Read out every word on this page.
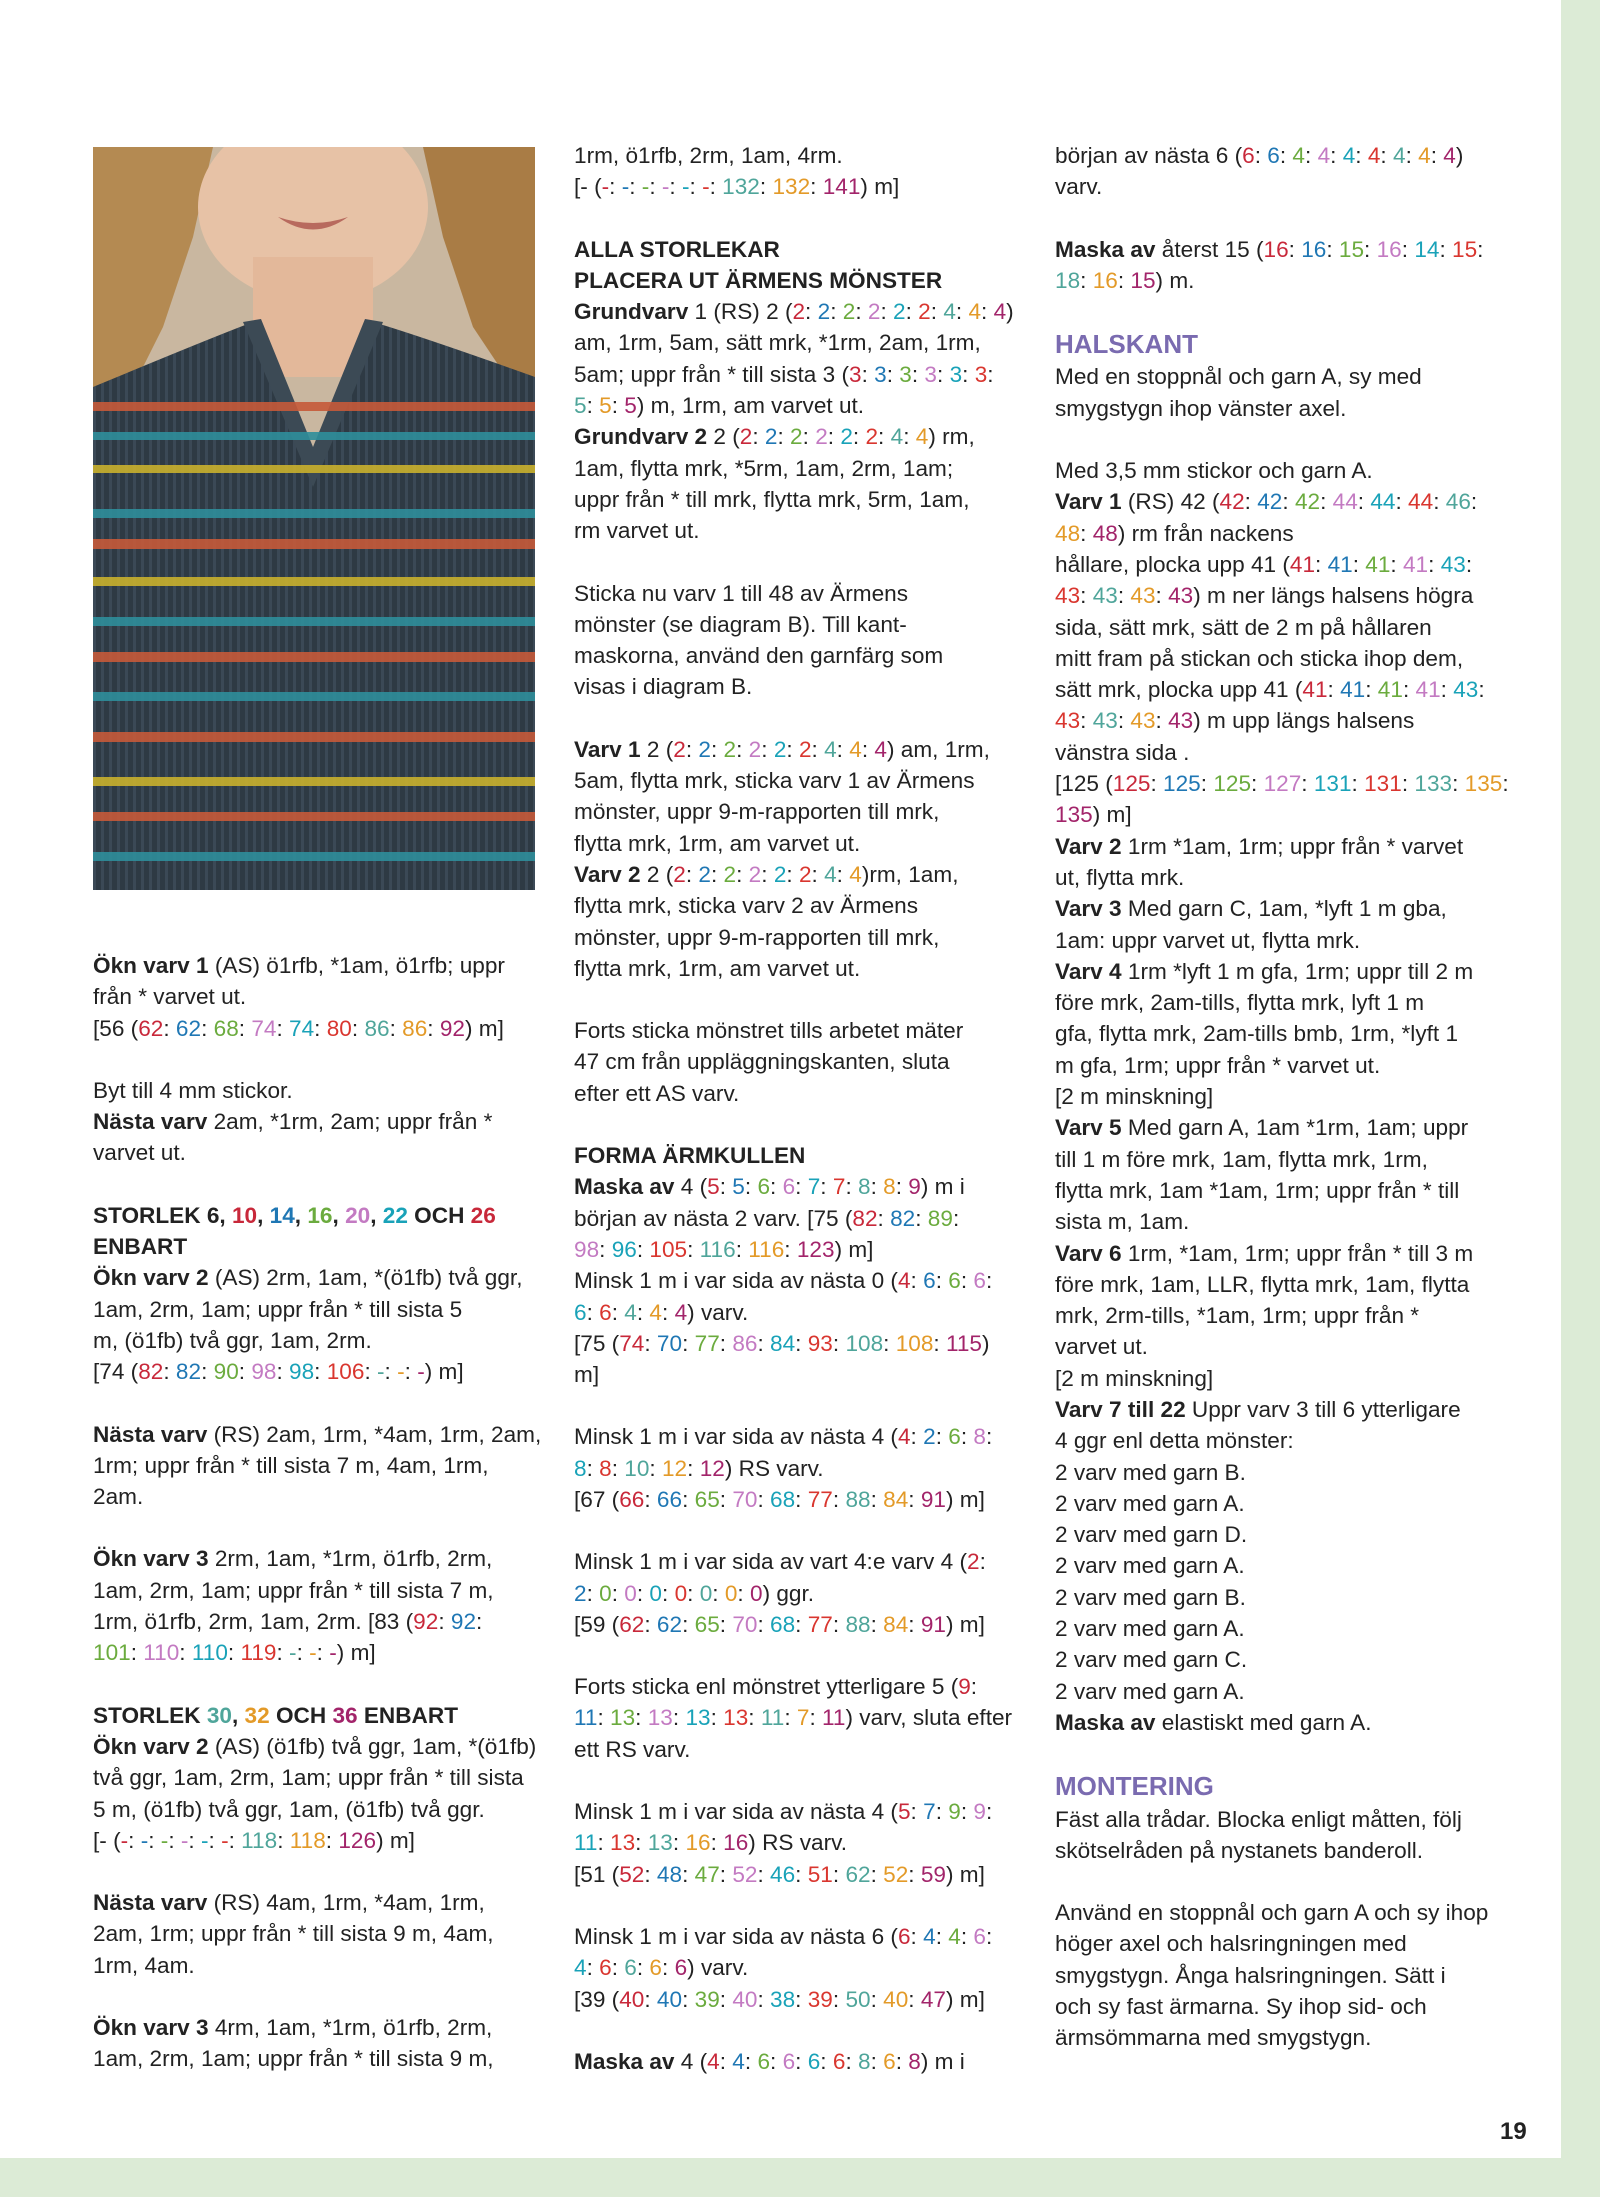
Ökn varv 1 (AS) ö1rfb, *1am, ö1rfb; uppr
från * varvet ut.
[56 (62: 62: 68: 74: 74: 80: 86: 86: 92) m]
Byt till 4 mm stickor.
Nästa varv 2am, *1rm, 2am; uppr från *
varvet ut.
STORLEK 6, 10, 14, 16, 20, 22 OCH 26
ENBART
Ökn varv 2 (AS) 2rm, 1am, *(ö1fb) två ggr,
1am, 2rm, 1am; uppr från * till sista 5
m, (ö1fb) två ggr, 1am, 2rm.
[74 (82: 82: 90: 98: 98: 106: -: -: -) m]
Nästa varv (RS) 2am, 1rm, *4am, 1rm, 2am,
1rm; uppr från * till sista 7 m, 4am, 1rm,
2am.
Ökn varv 3 2rm, 1am, *1rm, ö1rfb, 2rm,
1am, 2rm, 1am; uppr från * till sista 7 m,
1rm, ö1rfb, 2rm, 1am, 2rm. [83 (92: 92:
101: 110: 110: 119: -: -: -) m]
STORLEK 30, 32 OCH 36 ENBART
Ökn varv 2 (AS) (ö1fb) två ggr, 1am, *(ö1fb)
två ggr, 1am, 2rm, 1am; uppr från * till sista
5 m, (ö1fb) två ggr, 1am, (ö1fb) två ggr.
[- (-: -: -: -: -: -: 118: 118: 126) m]
Nästa varv (RS) 4am, 1rm, *4am, 1rm,
2am, 1rm; uppr från * till sista 9 m, 4am,
1rm, 4am.
Ökn varv 3 4rm, 1am, *1rm, ö1rfb, 2rm,
1am, 2rm, 1am; uppr från * till sista 9 m,
1rm, ö1rfb, 2rm, 1am, 4rm.
[- (-: -: -: -: -: -: 132: 132: 141) m]
ALLA STORLEKAR
PLACERA UT ÄRMENS MÖNSTER
Grundvarv 1 (RS) 2 (2: 2: 2: 2: 2: 2: 4: 4: 4)
am, 1rm, 5am, sätt mrk, *1rm, 2am, 1rm,
5am; uppr från * till sista 3 (3: 3: 3: 3: 3: 3:
5: 5: 5) m, 1rm, am varvet ut.
Grundvarv 2 2 (2: 2: 2: 2: 2: 2: 4: 4) rm,
1am, flytta mrk, *5rm, 1am, 2rm, 1am;
uppr från * till mrk, flytta mrk, 5rm, 1am,
rm varvet ut.
Sticka nu varv 1 till 48 av Ärmens
mönster (se diagram B). Till kant-
maskorna, använd den garnfärg som
visas i diagram B.
Varv 1 2 (2: 2: 2: 2: 2: 2: 4: 4: 4) am, 1rm,
5am, flytta mrk, sticka varv 1 av Ärmens
mönster, uppr 9-m-rapporten till mrk,
flytta mrk, 1rm, am varvet ut.
Varv 2 2 (2: 2: 2: 2: 2: 2: 4: 4)rm, 1am,
flytta mrk, sticka varv 2 av Ärmens
mönster, uppr 9-m-rapporten till mrk,
flytta mrk, 1rm, am varvet ut.
Forts sticka mönstret tills arbetet mäter
47 cm från uppläggningskanten, sluta
efter ett AS varv.
FORMA ÄRMKULLEN
Maska av 4 (5: 5: 6: 6: 7: 7: 8: 8: 9) m i
början av nästa 2 varv. [75 (82: 82: 89:
98: 96: 105: 116: 116: 123) m]
Minsk 1 m i var sida av nästa 0 (4: 6: 6: 6:
6: 6: 4: 4: 4) varv.
[75 (74: 70: 77: 86: 84: 93: 108: 108: 115)
m]
Minsk 1 m i var sida av nästa 4 (4: 2: 6: 8:
8: 8: 10: 12: 12) RS varv.
[67 (66: 66: 65: 70: 68: 77: 88: 84: 91) m]
Minsk 1 m i var sida av vart 4:e varv 4 (2:
2: 0: 0: 0: 0: 0: 0: 0) ggr.
[59 (62: 62: 65: 70: 68: 77: 88: 84: 91) m]
Forts sticka enl mönstret ytterligare 5 (9:
11: 13: 13: 13: 13: 11: 7: 11) varv, sluta efter
ett RS varv.
Minsk 1 m i var sida av nästa 4 (5: 7: 9: 9:
11: 13: 13: 16: 16) RS varv.
[51 (52: 48: 47: 52: 46: 51: 62: 52: 59) m]
Minsk 1 m i var sida av nästa 6 (6: 4: 4: 6:
4: 6: 6: 6: 6) varv.
[39 (40: 40: 39: 40: 38: 39: 50: 40: 47) m]
Maska av 4 (4: 4: 6: 6: 6: 6: 8: 6: 8) m i
början av nästa 6 (6: 6: 4: 4: 4: 4: 4: 4: 4)
varv.
Maska av återst 15 (16: 16: 15: 16: 14: 15:
18: 16: 15) m.
HALSKANT
Med en stoppnål och garn A, sy med
smygstygn ihop vänster axel.
Med 3,5 mm stickor och garn A.
Varv 1 (RS) 42 (42: 42: 42: 44: 44: 44: 46:
48: 48) rm från nackens
hållare, plocka upp 41 (41: 41: 41: 41: 43:
43: 43: 43: 43) m ner längs halsens högra
sida, sätt mrk, sätt de 2 m på hållaren
mitt fram på stickan och sticka ihop dem,
sätt mrk, plocka upp 41 (41: 41: 41: 41: 43:
43: 43: 43: 43) m upp längs halsens
vänstra sida .
[125 (125: 125: 125: 127: 131: 131: 133: 135:
135) m]
Varv 2 1rm *1am, 1rm; uppr från * varvet
ut, flytta mrk.
Varv 3 Med garn C, 1am, *lyft 1 m gba,
1am: uppr varvet ut, flytta mrk.
Varv 4 1rm *lyft 1 m gfa, 1rm; uppr till 2 m
före mrk, 2am-tills, flytta mrk, lyft 1 m
gfa, flytta mrk, 2am-tills bmb, 1rm, *lyft 1
m gfa, 1rm; uppr från * varvet ut.
[2 m minskning]
Varv 5 Med garn A, 1am *1rm, 1am; uppr
till 1 m före mrk, 1am, flytta mrk, 1rm,
flytta mrk, 1am *1am, 1rm; uppr från * till
sista m, 1am.
Varv 6 1rm, *1am, 1rm; uppr från * till 3 m
före mrk, 1am, LLR, flytta mrk, 1am, flytta
mrk, 2rm-tills, *1am, 1rm; uppr från *
varvet ut.
[2 m minskning]
Varv 7 till 22 Uppr varv 3 till 6 ytterligare
4 ggr enl detta mönster:
2 varv med garn B.
2 varv med garn A.
2 varv med garn D.
2 varv med garn A.
2 varv med garn B.
2 varv med garn A.
2 varv med garn C.
2 varv med garn A.
Maska av elastiskt med garn A.
MONTERING
Fäst alla trådar. Blocka enligt måtten, följ
skötselråden på nystanets banderoll.
Använd en stoppnål och garn A och sy ihop
höger axel och halsringningen med
smygstygn. Ånga halsringningen. Sätt i
och sy fast ärmarna. Sy ihop sid- och
ärmsömmarna med smygstygn.
19
